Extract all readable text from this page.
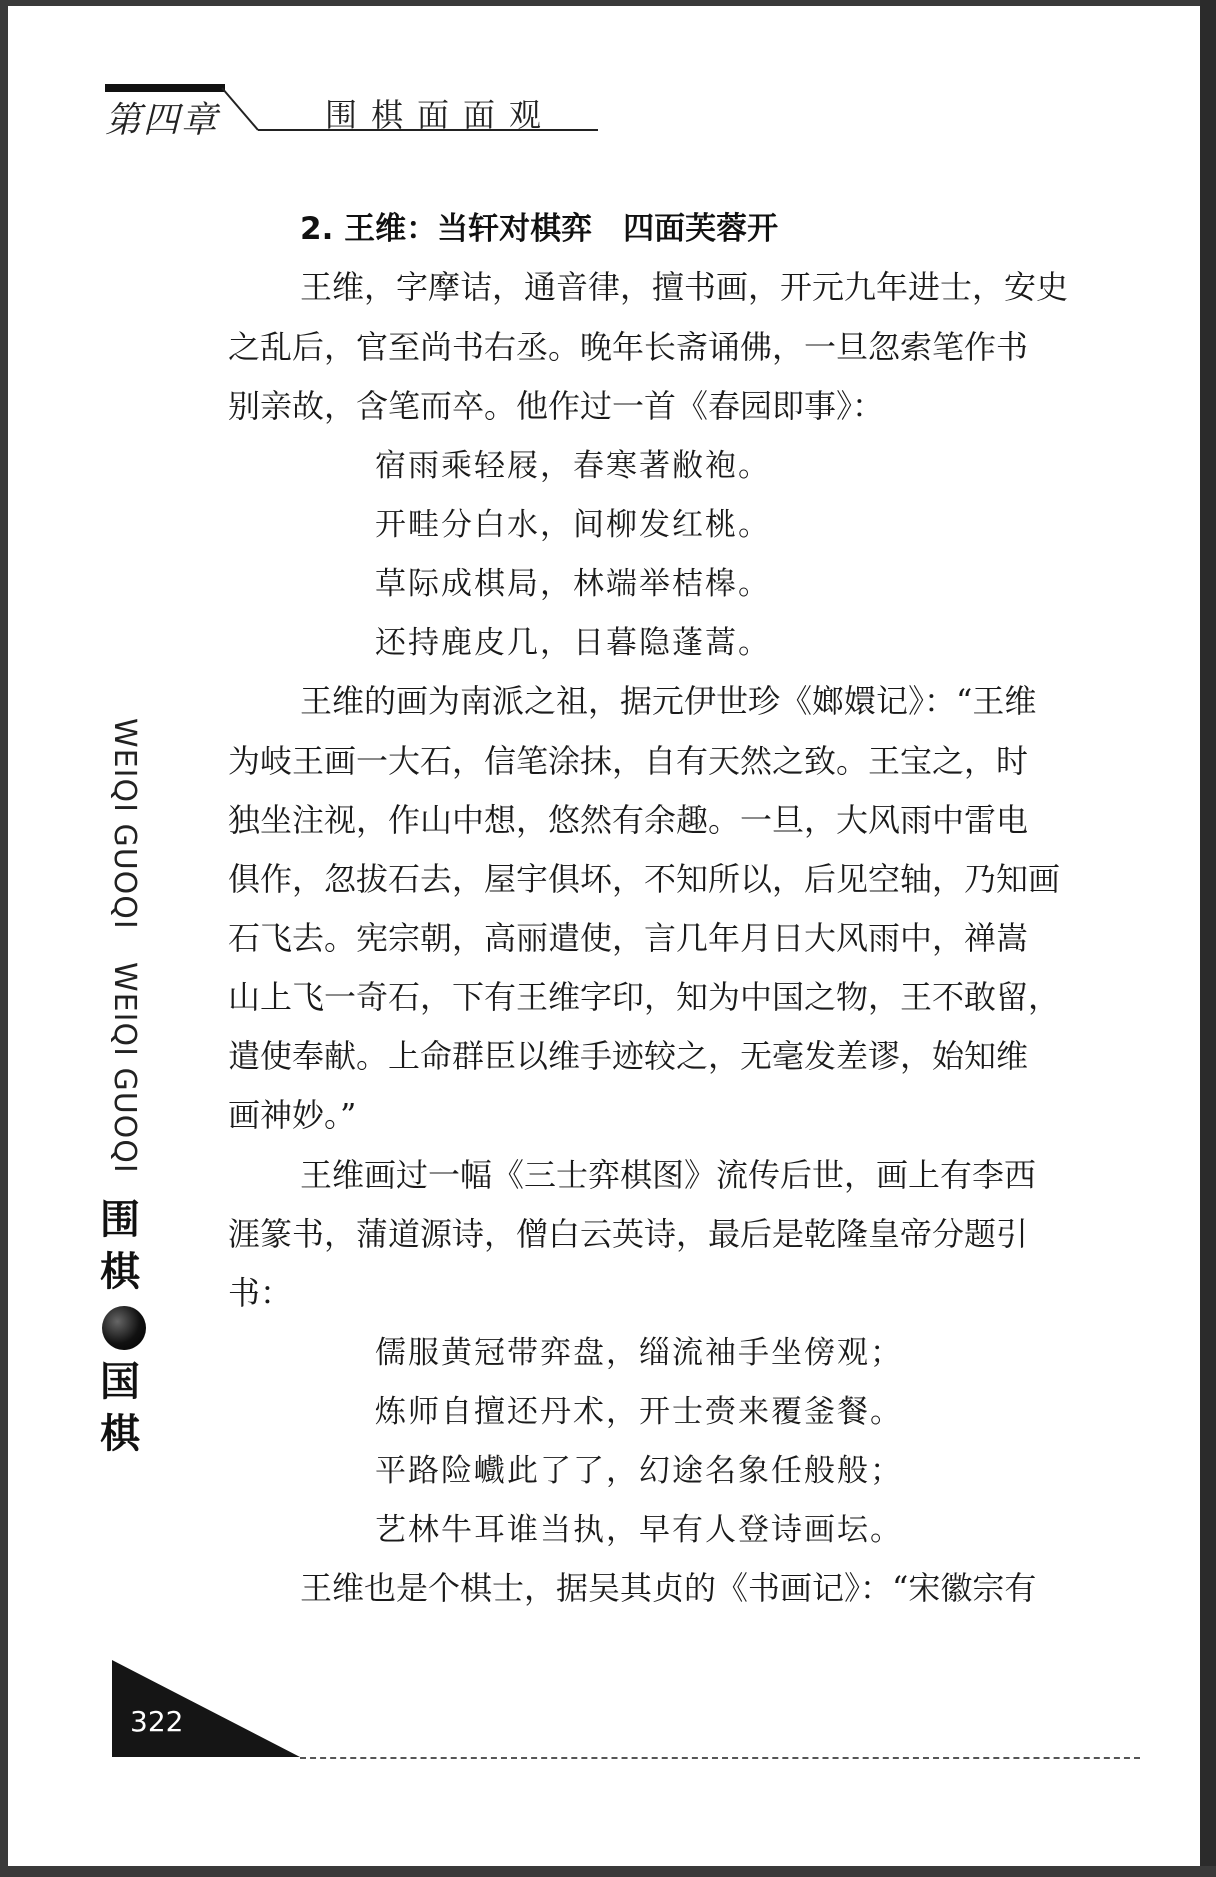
第四章	围棋面面观
2. 王维：当轩对棋弈　四面芙蓉开
王维，字摩诘，通音律，擅书画，开元九年进士，安史
之乱后，官至尚书右丞。晚年长斋诵佛，一旦忽索笔作书
别亲故，含笔而卒。他作过一首《春园即事》：
宿雨乘轻屐，春寒著敝袍。
开畦分白水，间柳发红桃。
草际成棋局，林端举桔槔。
还持鹿皮几，日暮隐蓬蒿。
王维的画为南派之祖，据元伊世珍《嫏嬛记》：“王维
为岐王画一大石，信笔涂抹，自有天然之致。王宝之，时
独坐注视，作山中想，悠然有余趣。一旦，大风雨中雷电
俱作，忽拔石去，屋宇俱坏，不知所以，后见空轴，乃知画
石飞去。宪宗朝，高丽遣使，言几年月日大风雨中，禅嵩
山上飞一奇石，下有王维字印，知为中国之物，王不敢留，
遣使奉献。上命群臣以维手迹较之，无毫发差谬，始知维
画神妙。”
王维画过一幅《三士弈棋图》流传后世，画上有李西
涯篆书，蒲道源诗，僧白云英诗，最后是乾隆皇帝分题引
书：
儒服黄冠带弈盘，缁流袖手坐傍观；
炼师自擅还丹术，开士赍来覆釜餐。
平路险巇此了了，幻途名象任般般；
艺林牛耳谁当执，早有人登诗画坛。
王维也是个棋士，据吴其贞的《书画记》：“宋徽宗有
WEIQI GUOQI
WEIQI GUOQI
围
棋
国
棋
322
